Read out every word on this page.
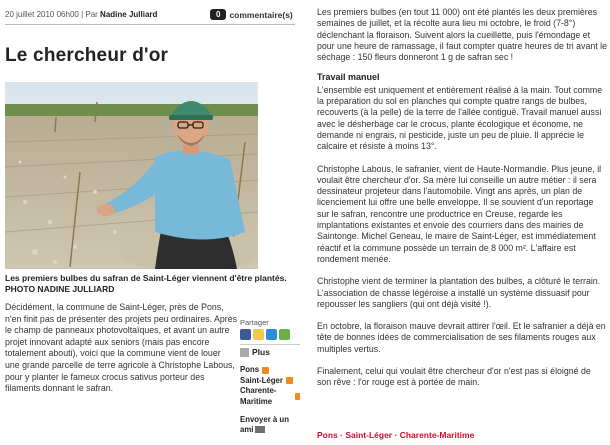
20 juillet 2010 06h00 | Par Nadine Julliard	0	commentaire(s)
Le chercheur d'or
Les premiers bulbes du safran de Saint-Léger viennent d'être plantés.
PHOTO NADINE JULLIARD
Décidément, la commune de Saint-Léger, près de Pons, n'en finit pas de présenter des projets peu ordinaires. Après le champ de panneaux photovoltaïques, et avant un autre projet innovant adapté aux seniors (mais pas encore totalement abouti), voici que la commune vient de louer une grande parcelle de terre agricole à Christophe Labous, pour y planter le fameux crocus sativus porteur des filaments donnant le safran.
Partager
Plus
Pons
Saint-Léger
Charente-Maritime
Envoyer à un ami

Les premiers bulbes (en tout 11 000) ont été plantés les deux premières semaines de juillet, et la récolte aura lieu mi octobre, le froid (7-8°) déclenchant la floraison. Suivent alors la cueillette, puis l'émondage et pour une heure de ramassage, il faut compter quatre heures de tri avant le séchage : 150 fleurs donneront 1 g de safran sec !

Travail manuel

L'ensemble est uniquement et entièrement réalisé à la main. Tout comme la préparation du sol en planches qui compte quatre rangs de bulbes, recouverts (à la pelle) de la terre de l'allée contiguë. Travail manuel aussi avec le désherbage car le crocus, plante écologique et économe, ne demande ni engrais, ni pesticide, juste un peu de pluie. Il apprécie le calcaire et résiste à moins 13°.

Christophe Labous, le safranier, vient de Haute-Normandie. Plus jeune, il voulait être chercheur d'or. Sa mère lui conseille un autre métier : il sera dessinateur projeteur dans l'automobile. Vingt ans après, un plan de licenciement lui offre une belle enveloppe. Il se souvient d'un reportage sur le safran, rencontre une productrice en Creuse, regarde les implantations existantes et envoie des courriers dans des mairies de Saintonge. Michel Geneau, le maire de Saint-Léger, est immédiatement réactif et la commune possède un terrain de 8 000 m². L'affaire est rondement menée.

Christophe vient de terminer la plantation des bulbes, a clôturé le terrain. L'association de chasse légéroise a installé un système dissuasif pour repousser les sangliers (qui ont déjà visité !).

En octobre, la floraison mauve devrait attirer l'œil. Et le safranier a déjà en tête de bonnes idées de commercialisation de ses filaments rouges aux multiples vertus.

Finalement, celui qui voulait être chercheur d'or n'est pas si éloigné de son rêve : l'or rouge est à portée de main.

Pons · Saint-Léger · Charente-Maritime
